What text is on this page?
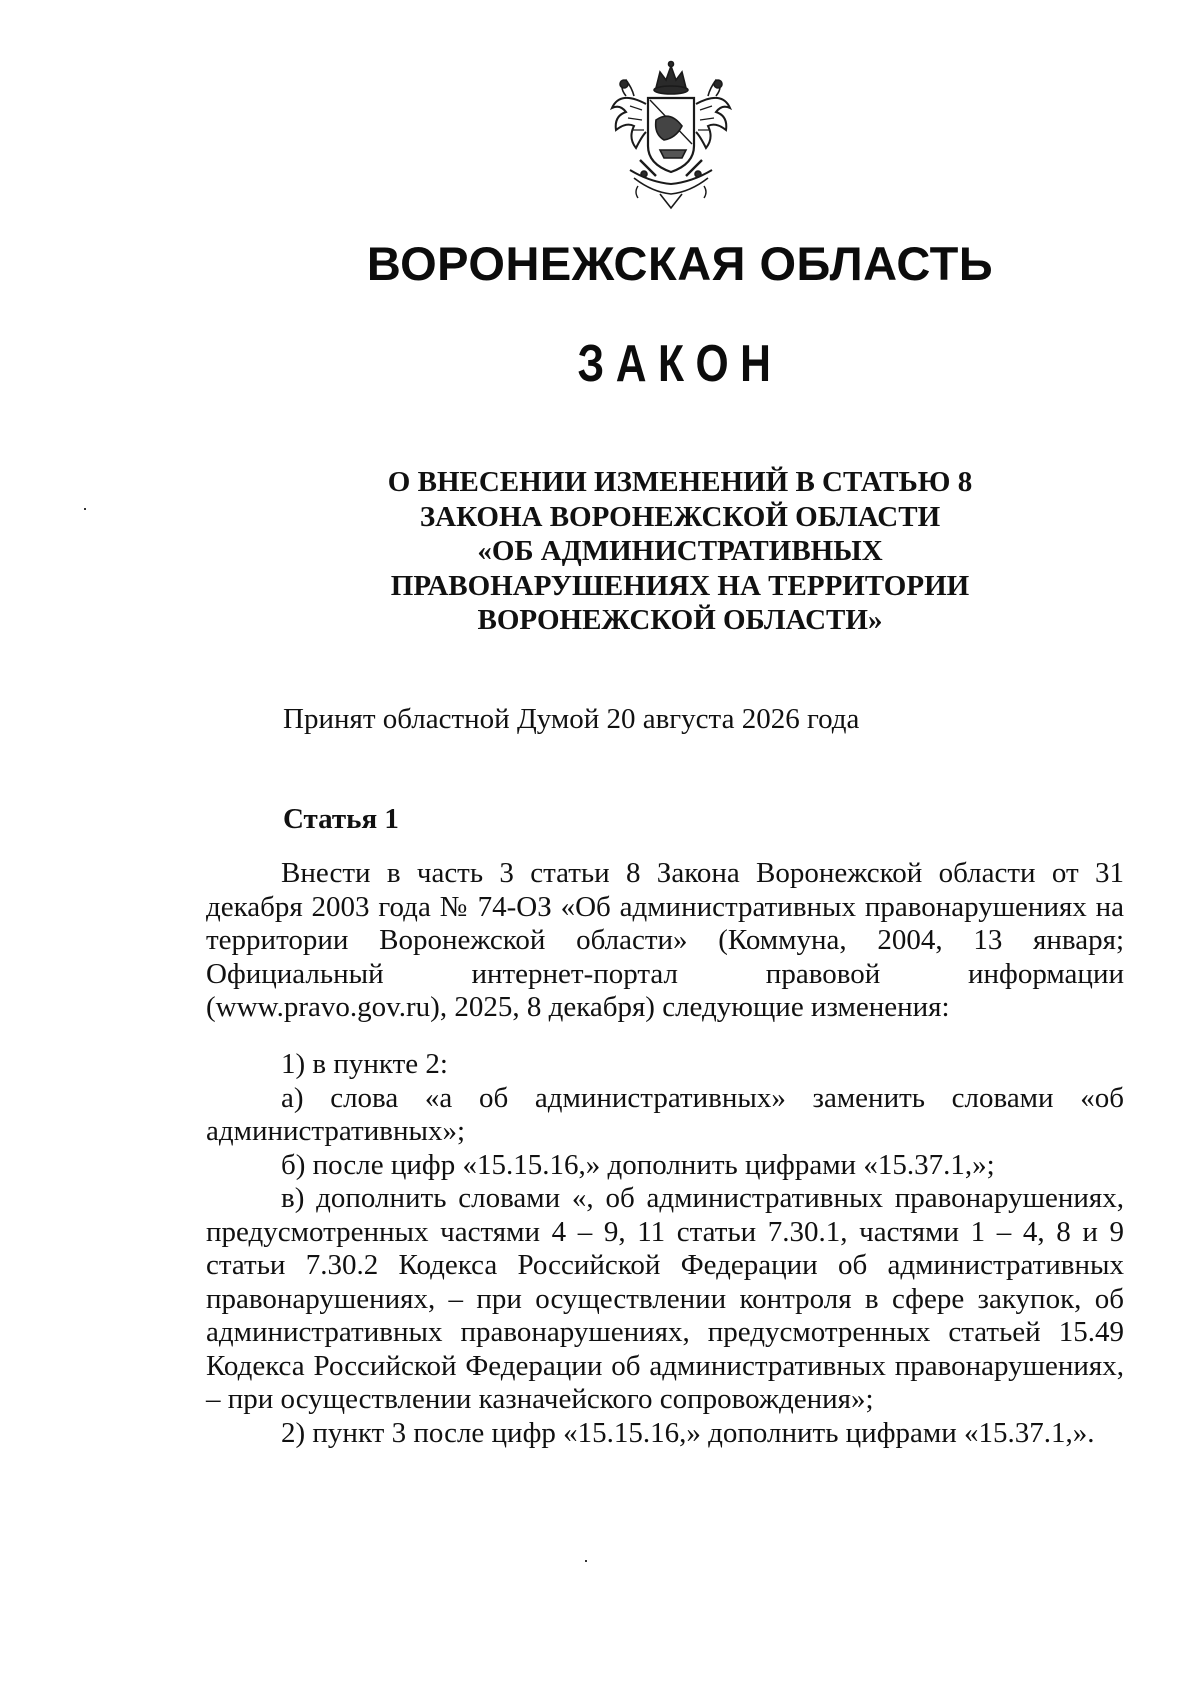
ВОРОНЕЖСКАЯ ОБЛАСТЬ
ЗАКОН
О ВНЕСЕНИИ ИЗМЕНЕНИЙ В СТАТЬЮ 8
ЗАКОНА ВОРОНЕЖСКОЙ ОБЛАСТИ
«ОБ АДМИНИСТРАТИВНЫХ
ПРАВОНАРУШЕНИЯХ НА ТЕРРИТОРИИ
ВОРОНЕЖСКОЙ ОБЛАСТИ»
Принят областной Думой 20 августа 2026 года
Статья 1

Внести в часть 3 статьи 8 Закона Воронежской области от 31 декабря 2003 года № 74-ОЗ «Об административных правонарушениях на территории Воронежской области» (Коммуна, 2004, 13 января; Официальный интернет-портал правовой информации (www.pravo.gov.ru), 2025, 8 декабря) следующие изменения:

1) в пункте 2:

а) слова «а об административных» заменить словами «об административных»;

б) после цифр «15.15.16,» дополнить цифрами «15.37.1,»;

в) дополнить словами «, об административных правонарушениях, предусмотренных частями 4 – 9, 11 статьи 7.30.1, частями 1 – 4, 8 и 9 статьи 7.30.2 Кодекса Российской Федерации об административных правонарушениях, – при осуществлении контроля в сфере закупок, об административных правонарушениях, предусмотренных статьей 15.49 Кодекса Российской Федерации об административных правонарушениях, – при осуществлении казначейского сопровождения»;

2) пункт 3 после цифр «15.15.16,» дополнить цифрами «15.37.1,».
